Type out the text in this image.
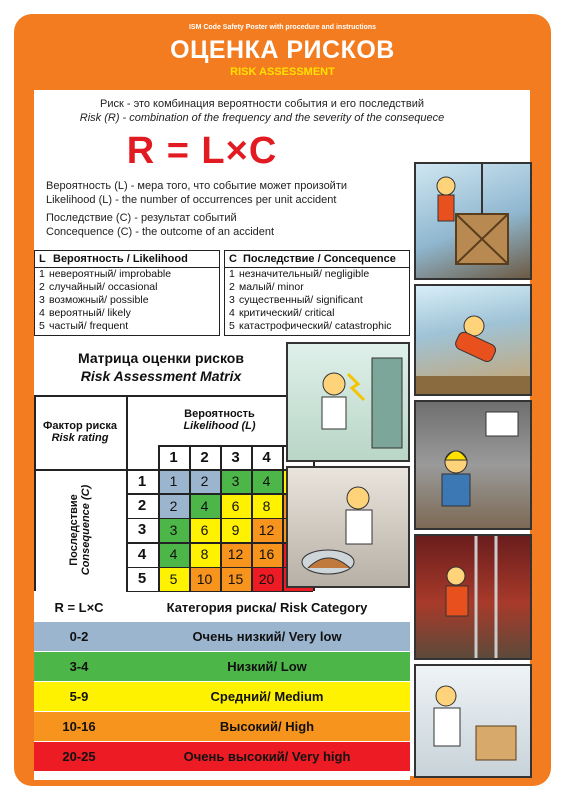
ISM Code Safety Poster with procedure and instructions
ОЦЕНКА РИСКОВ
RISK ASSESSMENT
Риск - это комбинация вероятности события и его последствий
Risk (R) - combination of the frequency and the severity of the consequece
R = L×C
Вероятность (L) - мера того, что событие может произойти
Likelihood (L) - the number of occurrences per unit accident
Последствие (C) - результат событий
Concequence (C) - the outcome of an accident
L Вероятность / Likelihood
1 невероятный/ improbable
2 случайный/ occasional
3 возможный/ possible
4 вероятный/ likely
5 частый/ frequent
C Последствие / Concequence
1 незначительный/ negligible
2 малый/ minor
3 существенный/ significant
4 критический/ critical
5 катастрофический/ catastrophic
Матрица оценки рисков
Risk Assessment Matrix
Фактор риска
Risk rating
Вероятность
Likelihood (L)
1	2	3	4
Последствие Consequence (C)
1	1	2	3	4
2	2	4	6	8
3	3	6	9	12
4	4	8	12	16
5	5	10	15	20
R = L×C	Категория риска/ Risk Category
0-2	Очень низкий/ Very low
3-4	Низкий/ Low
5-9	Средний/ Medium
10-16	Высокий/ High
20-25	Очень высокий/ Very high
